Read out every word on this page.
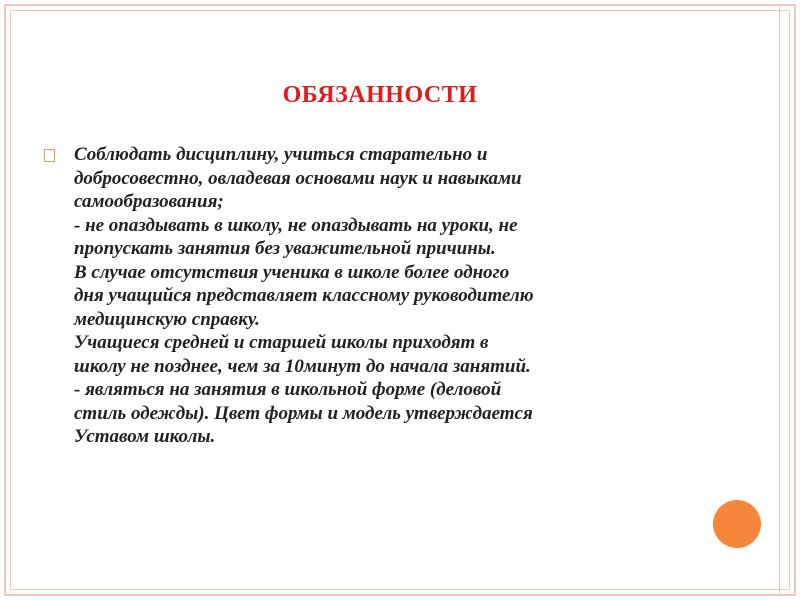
ОБЯЗАННОСТИ
Соблюдать дисциплину, учиться старательно и
добросовестно, овладевая основами наук и навыками
самообразования;
- не опаздывать в школу, не опаздывать на уроки, не
пропускать занятия без уважительной причины.
В случае отсутствия ученика в школе более одного
дня учащийся представляет классному руководителю
медицинскую справку.
Учащиеся средней и старшей школы приходят в
школу не позднее, чем за 10минут до начала занятий.
- являться на занятия в школьной форме (деловой
стиль одежды). Цвет формы и модель утверждается
Уставом школы.
